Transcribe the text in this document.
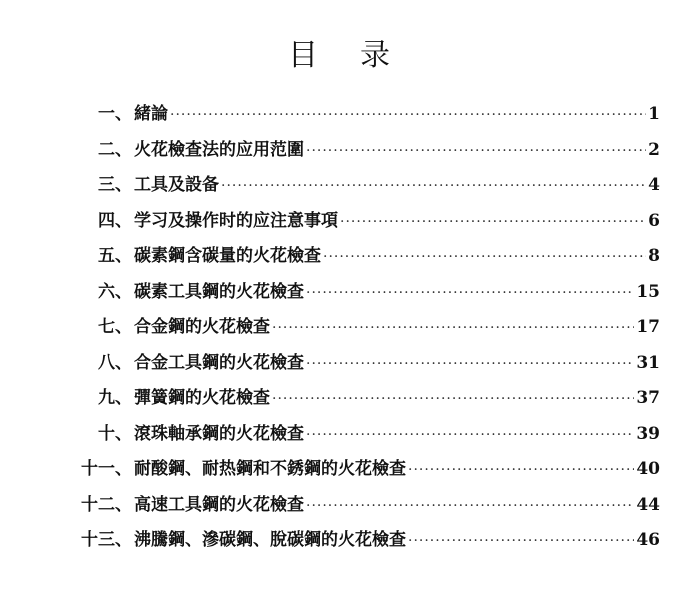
目录
一、 緒論 ·····	1
二、 火花檢查法的应用范圍 ·····	2
三、 工具及設备 ·····	4
四、 学习及操作时的应注意事項 ·····	6
五、 碳素鋼含碳量的火花檢查 ·····	8
六、 碳素工具鋼的火花檢查 ·····	15
七、 合金鋼的火花檢查 ·····	17
八、 合金工具鋼的火花檢查 ·····	31
九、 彈簧鋼的火花檢查 ·····	37
十、 滾珠軸承鋼的火花檢查 ·····	39
十一、 耐酸鋼、耐热鋼和不銹鋼的火花檢查 ·····	40
十二、 高速工具鋼的火花檢查 ·····	44
十三、 沸騰鋼、滲碳鋼、脫碳鋼的火花檢查 ·····	46
